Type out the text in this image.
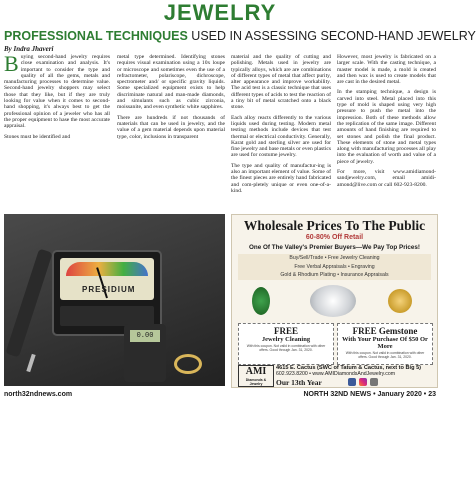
JEWELRY
PROFESSIONAL TECHNIQUES USED IN ASSESSING SECOND-HAND JEWELRY
By Indra Jhaveri

Buying second-hand jewelry requires close examination and analysis. It's important to consider the type and quality of all the gems, metals and manufacturing processes to determine value. Second-hand jewelry shoppers may select those that they like, but if they are truly looking for value when it comes to second-hand shopping, it's always best to get the professional opinion of a jeweler who has all the proper equipment to hase the most accurate appraisal.

Stones must be identified and

metal type determined. Identifying stones requires visual examination using a 10x loupe or microscope and sometimes even the use of a refractometer, polariscope, dichroscope, spectrometer and/ or specific gravity liquids. Some specialized equipment exists to help discriminate natural and man-made diamonds, and simulants such as cubic zirconia, moissanite, and even synthetic white sapphires.

There are hundreds if not thousands of materials that can be used in jewelry, and the value of a gem material depends upon material type, color, inclusions in transparent

material and the quality of cutting and polishing. Metals used in jewelry are typically alloys, which are are combinations of different types of metal that affect purity, alter appearance and improve workability. The acid test is a classic technique that uses different types of acids to test the reaction of a tiny bit of metal scratched onto a black stone.

Each alloy reacts differently to the various liquids used during testing. Modern metal testing methods include devices that test thermal or electrical conductivity. Generally, Karat gold and sterling silver are used for fine jewelry and base metals or even plastics are used for costume jewelry.

The type and quality of manufactur-ing is also an important element of value. Some of the finest pieces are entirely hand fabricated and com-pletely unique or even one-of-a-kind.

However, most jewelry is fabricated on a larger scale. With the casting technique, a master model is made, a mold is created and then wax is used to create models that are cast in the desired metal.

In the stamping technique, a design is carved into steel. Metal placed into this type of mold is shaped using very high pressure to push the metal into the impression. Both of these methods allow the replication of the same image. Different amounts of hand finishing are required to set stones and polish the final product. These elements of stone and metal types along with manufacturing processes all play into the evaluation of worth and value of a piece of jewelry.

For more, visit www.amidiamond-sandjewelry.com, email amidi-amond@live.com or call 602-923-8200.

PRESIDIUM
0.00
Wholesale Prices To The Public
60-80% Off Retail
One Of The Valley's Premier Buyers—We Pay Top Prices!
Buy/Sell/Trade • Free Jewelry Cleaning
Free Verbal Appraisals • Engraving
Gold & Rhodium Plating • Insurance Appraisals
FREE
Jewelry Cleaning
With this coupon. Not valid in combination with other offers. Good through Jan. 31, 2020.
FREE Gemstone
With Your Purchase Of $50 Or More
With this coupon. Not valid in combination with other offers. Good through Jan. 31, 2020.
AMI
Diamonds & Jewelry
4615 E. Cactus (SWC of Tatum & Cactus, next to Big 5)
602.923.8200 • www.AMIDiamondsAndJewelry.com
Our 13th Year
north32ndnews.com	NORTH 32ND NEWS • January 2020 • 23
